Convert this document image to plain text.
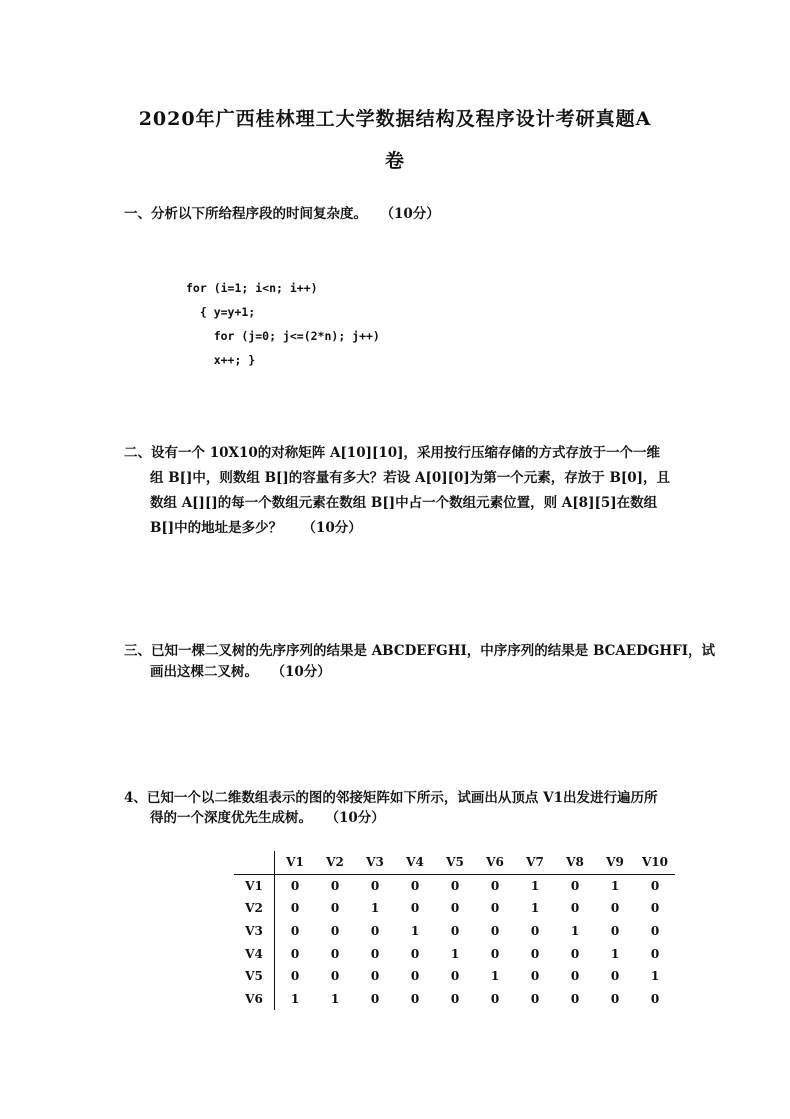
2020年广西桂林理工大学数据结构及程序设计考研真题A
卷
一、分析以下所给程序段的时间复杂度。　　（10分）
for (i=1; i<n; i++)
{ y=y+1;
for (j=0; j<=(2*n); j++)
x++; }
二、设有一个 10X10的对称矩阵 A[10][10]，采用按行压缩存储的方式存放于一个一维
组 B[]中，则数组 B[]的容量有多大？若设 A[0][0]为第一个元素，存放于 B[0]，且
数组 A[][]的每一个数组元素在数组 B[]中占一个数组元素位置，则 A[8][5]在数组
B[]中的地址是多少？　　（10分）
三、已知一棵二叉树的先序序列的结果是 ABCDEFGHI，中序序列的结果是 BCAEDGHFI，试
画出这棵二叉树。　　（10分）
4、已知一个以二维数组表示的图的邻接矩阵如下所示，试画出从顶点 V1出发进行遍历所
得的一个深度优先生成树。　　（10分）
	V1	V2	V3	V4	V5	V6	V7	V8	V9	V10
V1	0	0	0	0	0	0	1	0	1	0
V2	0	0	1	0	0	0	1	0	0	0
V3	0	0	0	1	0	0	0	1	0	0
V4	0	0	0	0	1	0	0	0	1	0
V5	0	0	0	0	0	1	0	0	0	1
V6	1	1	0	0	0	0	0	0	0	0
